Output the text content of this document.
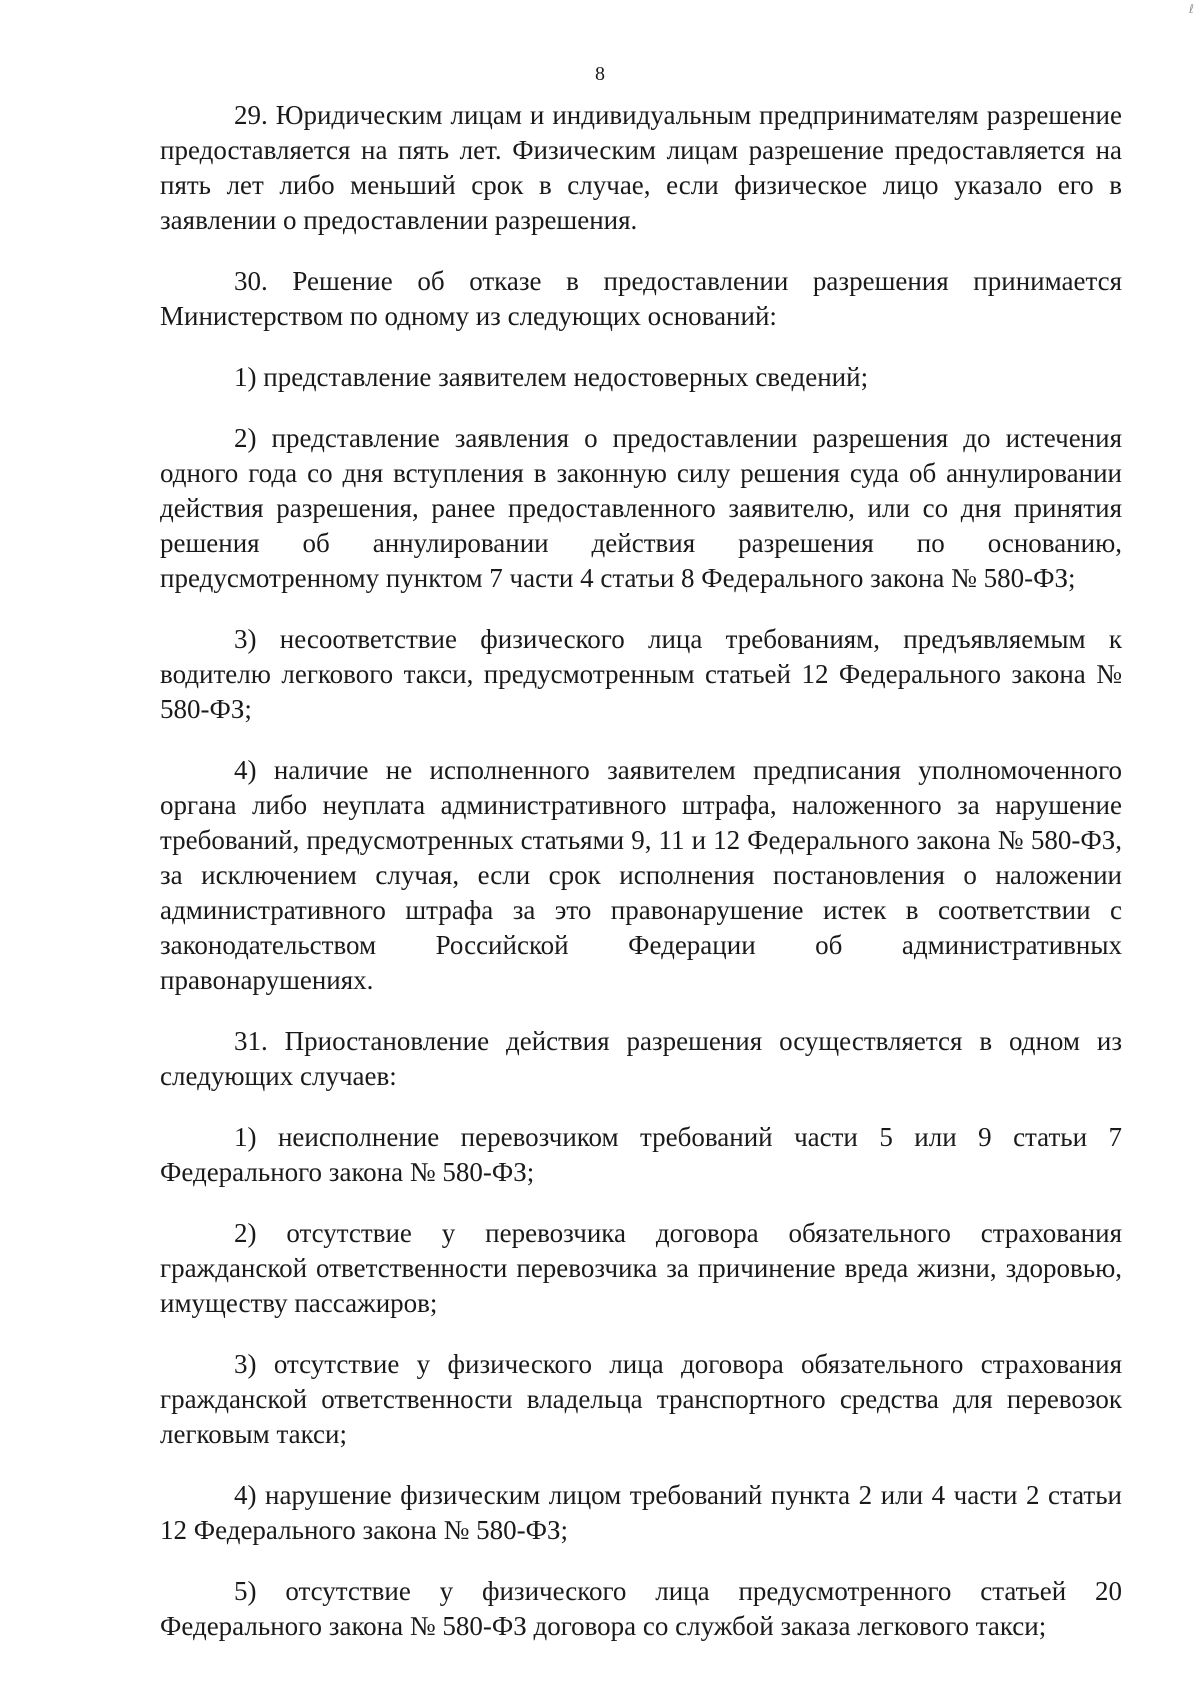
ℓ
8

29. Юридическим лицам и индивидуальным предпринимателям разрешение предоставляется на пять лет. Физическим лицам разрешение предоставляется на пять лет либо меньший срок в случае, если физическое лицо указало его в заявлении о предоставлении разрешения.

30. Решение об отказе в предоставлении разрешения принимается Министерством по одному из следующих оснований:

1) представление заявителем недостоверных сведений;

2) представление заявления о предоставлении разрешения до истечения одного года со дня вступления в законную силу решения суда об аннулировании действия разрешения, ранее предоставленного заявителю, или со дня принятия решения об аннулировании действия разрешения по основанию, предусмотренному пунктом 7 части 4 статьи 8 Федерального закона № 580-ФЗ;

3) несоответствие физического лица требованиям, предъявляемым к водителю легкового такси, предусмотренным статьей 12 Федерального закона № 580-ФЗ;

4) наличие не исполненного заявителем предписания уполномоченного органа либо неуплата административного штрафа, наложенного за нарушение требований, предусмотренных статьями 9, 11 и 12 Федерального закона № 580-ФЗ, за исключением случая, если срок исполнения постановления о наложении административного штрафа за это правонарушение истек в соответствии с законодательством Российской Федерации об административных правонарушениях.

31. Приостановление действия разрешения осуществляется в одном из следующих случаев:

1) неисполнение перевозчиком требований части 5 или 9 статьи 7 Федерального закона № 580-ФЗ;

2) отсутствие у перевозчика договора обязательного страхования гражданской ответственности перевозчика за причинение вреда жизни, здоровью, имуществу пассажиров;

3) отсутствие у физического лица договора обязательного страхования гражданской ответственности владельца транспортного средства для перевозок легковым такси;

4) нарушение физическим лицом требований пункта 2 или 4 части 2 статьи 12 Федерального закона № 580-ФЗ;

5) отсутствие у физического лица предусмотренного статьей 20 Федерального закона № 580-ФЗ договора со службой заказа легкового такси;
